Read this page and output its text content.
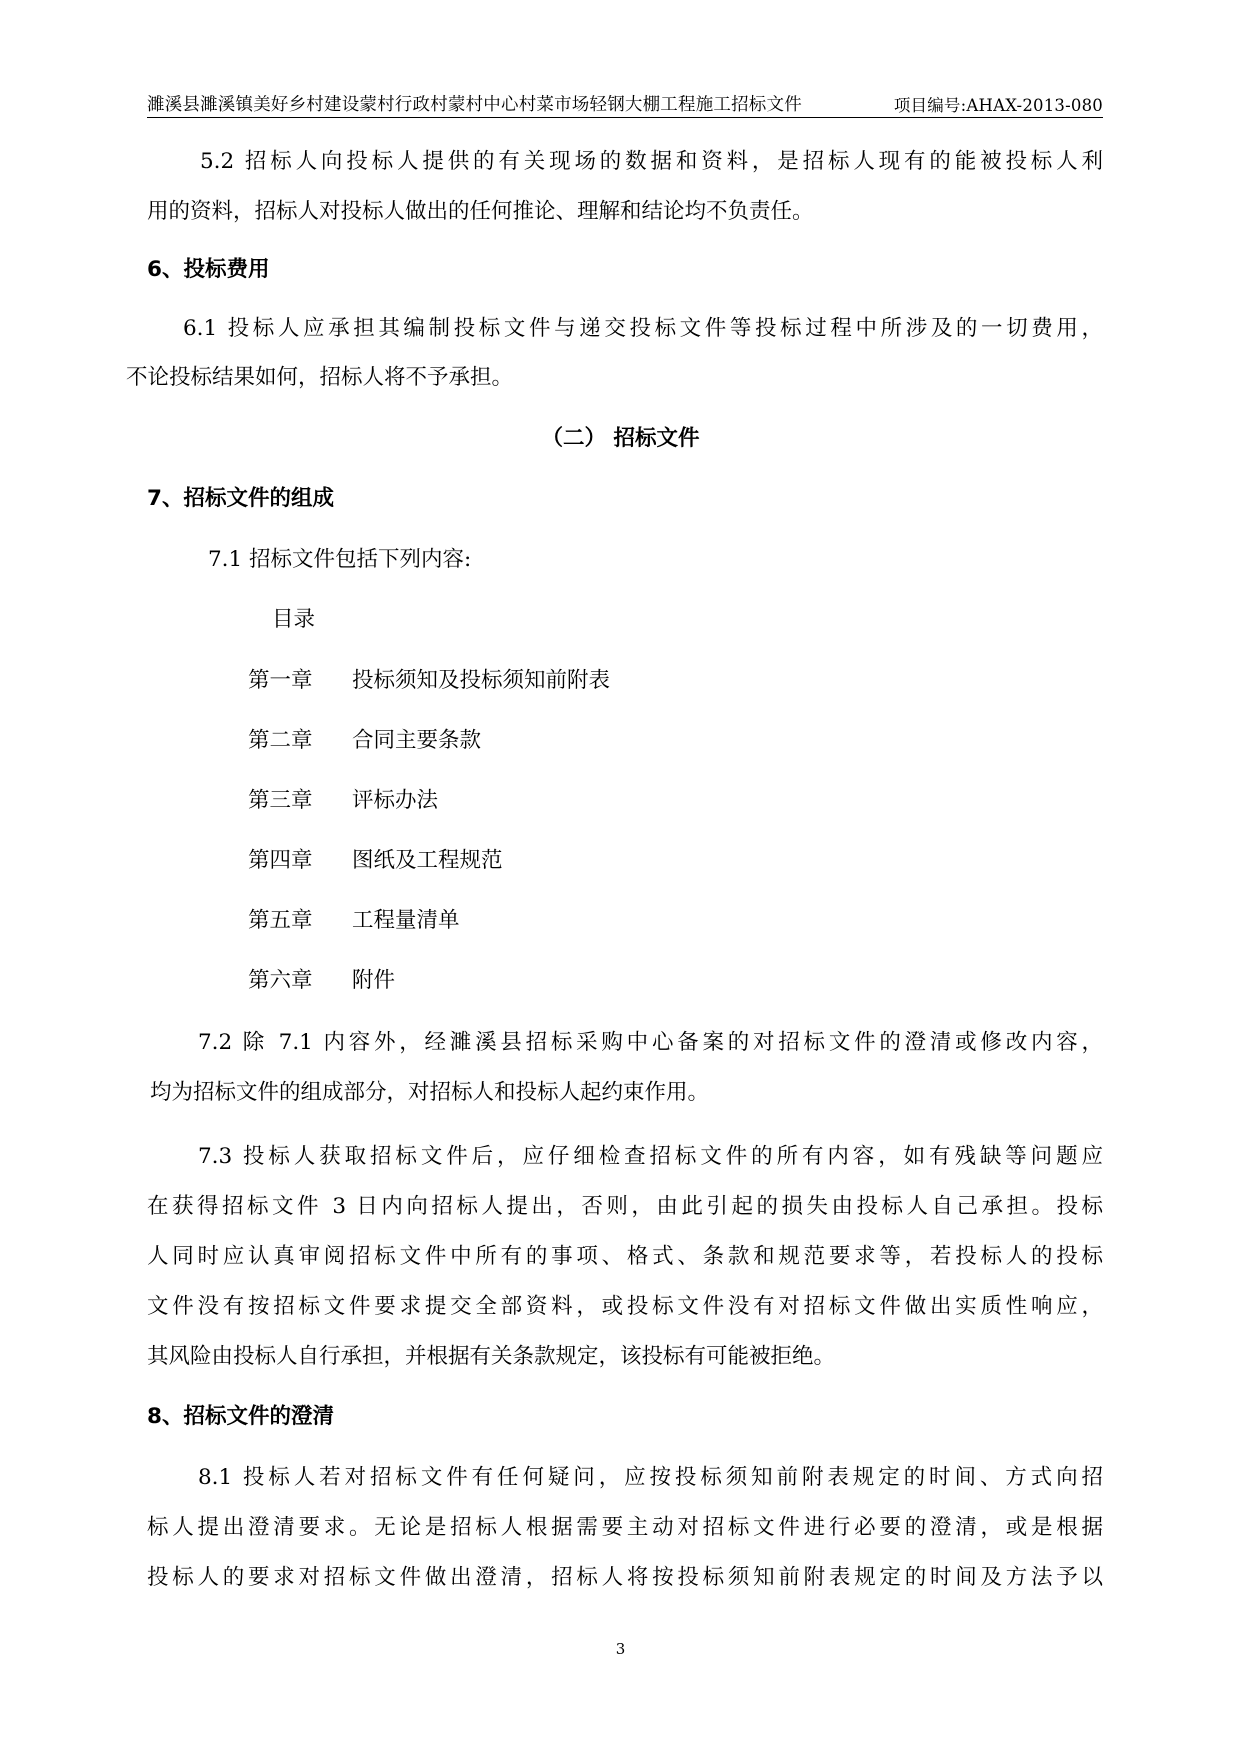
濉溪县濉溪镇美好乡村建设蒙村行政村蒙村中心村菜市场轻钢大棚工程施工招标文件	项目编号:AHAX-2013-080
5.2 招标人向投标人提供的有关现场的数据和资料，是招标人现有的能被投标人利
用的资料，招标人对投标人做出的任何推论、理解和结论均不负责任。
6、投标费用
6.1 投标人应承担其编制投标文件与递交投标文件等投标过程中所涉及的一切费用，
不论投标结果如何，招标人将不予承担。
（二） 招标文件
7、招标文件的组成
7.1 招标文件包括下列内容:
目录
第一章 投标须知及投标须知前附表
第二章 合同主要条款
第三章 评标办法
第四章 图纸及工程规范
第五章 工程量清单
第六章 附件
7.2 除 7.1 内容外，经濉溪县招标采购中心备案的对招标文件的澄清或修改内容，
均为招标文件的组成部分，对招标人和投标人起约束作用。
7.3 投标人获取招标文件后，应仔细检查招标文件的所有内容，如有残缺等问题应
在获得招标文件 3 日内向招标人提出，否则，由此引起的损失由投标人自己承担。投标
人同时应认真审阅招标文件中所有的事项、格式、条款和规范要求等，若投标人的投标
文件没有按招标文件要求提交全部资料，或投标文件没有对招标文件做出实质性响应，
其风险由投标人自行承担，并根据有关条款规定，该投标有可能被拒绝。
8、招标文件的澄清
8.1 投标人若对招标文件有任何疑问，应按投标须知前附表规定的时间、方式向招
标人提出澄清要求。无论是招标人根据需要主动对招标文件进行必要的澄清，或是根据
投标人的要求对招标文件做出澄清，招标人将按投标须知前附表规定的时间及方法予以
3
